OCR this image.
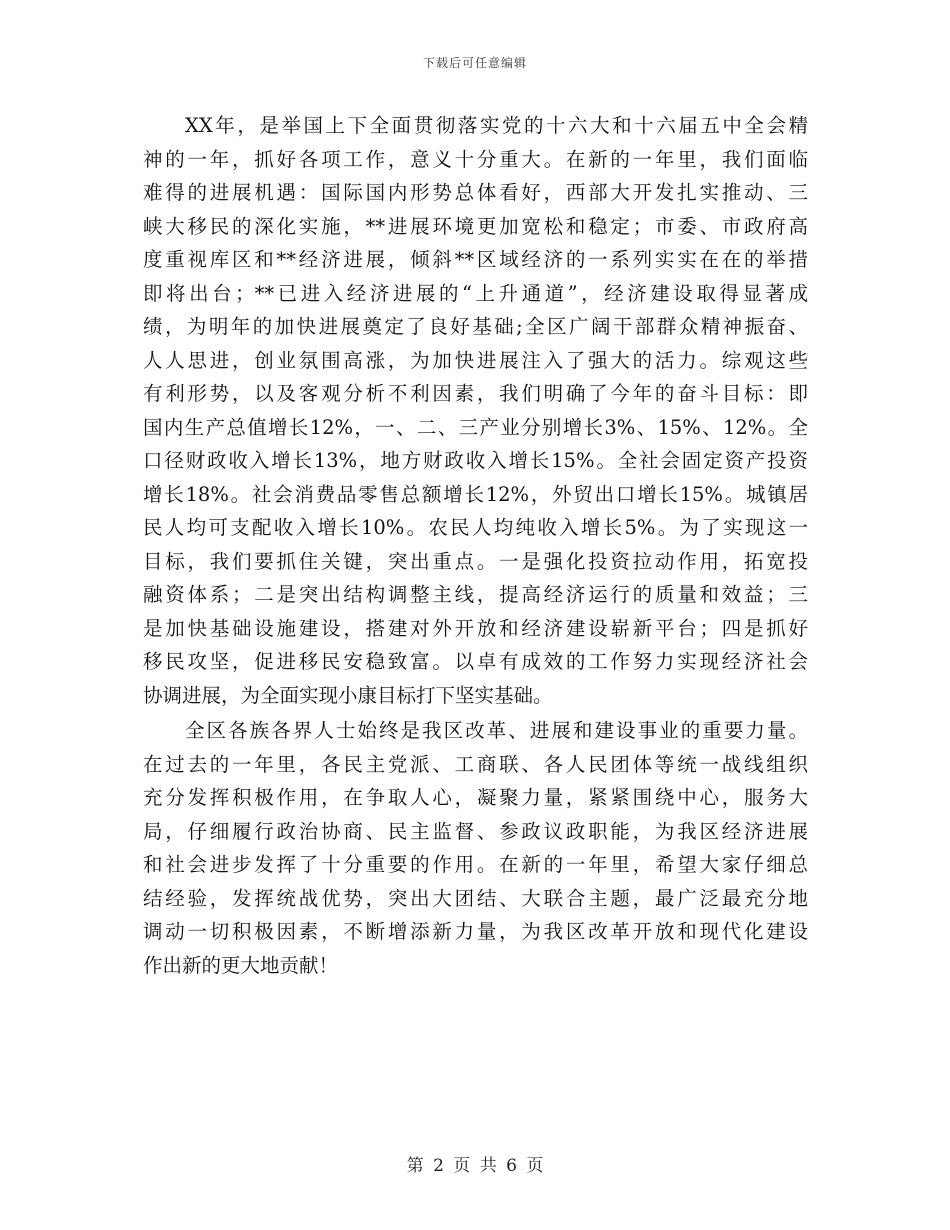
下载后可任意编辑
XX年，是举国上下全面贯彻落实党的十六大和十六届五中全会精
神的一年，抓好各项工作，意义十分重大。在新的一年里，我们面临
难得的进展机遇：国际国内形势总体看好，西部大开发扎实推动、三
峡大移民的深化实施，**进展环境更加宽松和稳定；市委、市政府高
度重视库区和**经济进展，倾斜**区域经济的一系列实实在在的举措
即将出台；**已进入经济进展的“上升通道”，经济建设取得显著成
绩，为明年的加快进展奠定了良好基础;全区广阔干部群众精神振奋、
人人思进，创业氛围高涨，为加快进展注入了强大的活力。综观这些
有利形势，以及客观分析不利因素，我们明确了今年的奋斗目标：即
国内生产总值增长12%，一、二、三产业分别增长3%、15%、12%。全
口径财政收入增长13%，地方财政收入增长15%。全社会固定资产投资
增长18%。社会消费品零售总额增长12%，外贸出口增长15%。城镇居
民人均可支配收入增长10%。农民人均纯收入增长5%。为了实现这一
目标，我们要抓住关键，突出重点。一是强化投资拉动作用，拓宽投
融资体系；二是突出结构调整主线，提高经济运行的质量和效益；三
是加快基础设施建设，搭建对外开放和经济建设崭新平台；四是抓好
移民攻坚，促进移民安稳致富。以卓有成效的工作努力实现经济社会
协调进展，为全面实现小康目标打下坚实基础。
全区各族各界人士始终是我区改革、进展和建设事业的重要力量。
在过去的一年里，各民主党派、工商联、各人民团体等统一战线组织
充分发挥积极作用，在争取人心，凝聚力量，紧紧围绕中心，服务大
局，仔细履行政治协商、民主监督、参政议政职能，为我区经济进展
和社会进步发挥了十分重要的作用。在新的一年里，希望大家仔细总
结经验，发挥统战优势，突出大团结、大联合主题，最广泛最充分地
调动一切积极因素，不断增添新力量，为我区改革开放和现代化建设
作出新的更大地贡献！
第 2 页 共 6 页
